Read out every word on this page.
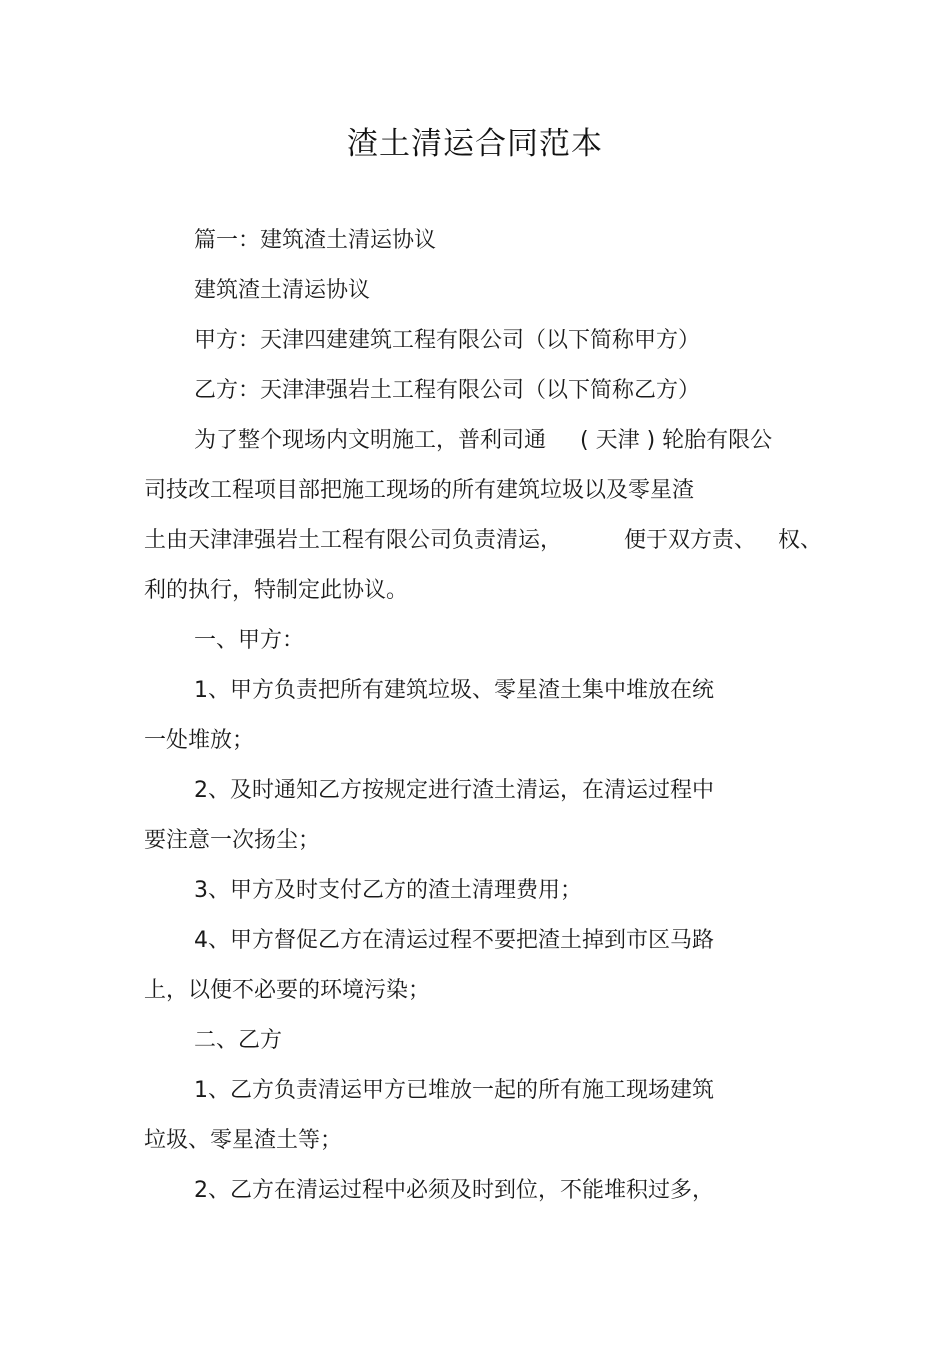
渣土清运合同范本
篇一：建筑渣土清运协议
建筑渣土清运协议
甲方：天津四建建筑工程有限公司（以下简称甲方）
乙方：天津津强岩土工程有限公司（以下简称乙方）
为了整个现场内文明施工，普利司通 ( 天津 ) 轮胎有限公
司技改工程项目部把施工现场的所有建筑垃圾以及零星渣
土由天津津强岩土工程有限公司负责清运，	便于双方责、 权、
利的执行，特制定此协议。
一、甲方：
1、甲方负责把所有建筑垃圾、零星渣土集中堆放在统
一处堆放；
2、及时通知乙方按规定进行渣土清运，在清运过程中
要注意一次扬尘；
3、甲方及时支付乙方的渣土清理费用；
4、甲方督促乙方在清运过程不要把渣土掉到市区马路
上，以便不必要的环境污染；
二、乙方
1、乙方负责清运甲方已堆放一起的所有施工现场建筑
垃圾、零星渣土等；
2、乙方在清运过程中必须及时到位，不能堆积过多，
